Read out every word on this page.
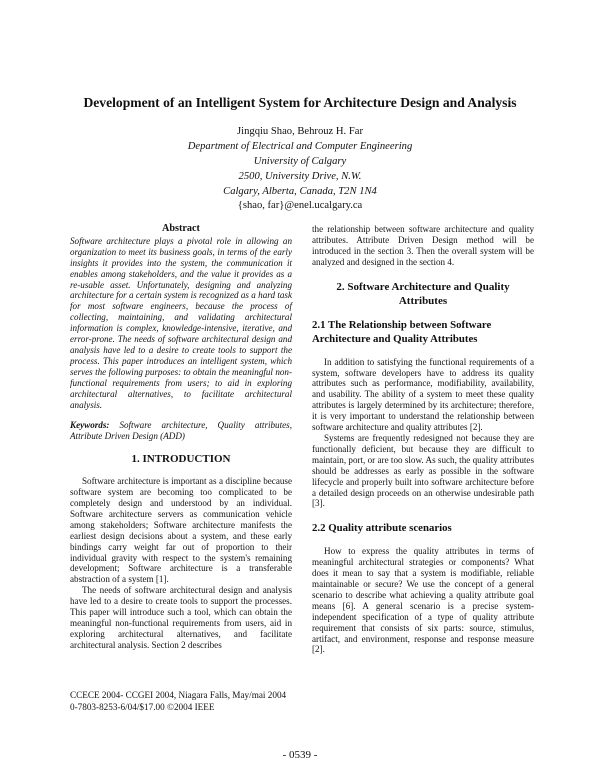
Development of an Intelligent System for Architecture Design and Analysis
Jingqiu Shao, Behrouz H. Far
Department of Electrical and Computer Engineering
University of Calgary
2500, University Drive, N.W.
Calgary, Alberta, Canada, T2N 1N4
{shao, far}@enel.ucalgary.ca
Abstract

Software architecture plays a pivotal role in allowing an organization to meet its business goals, in terms of the early insights it provides into the system, the communication it enables among stakeholders, and the value it provides as a re-usable asset. Unfortunately, designing and analyzing architecture for a certain system is recognized as a hard task for most software engineers, because the process of collecting, maintaining, and validating architectural information is complex, knowledge-intensive, iterative, and error-prone. The needs of software architectural design and analysis have led to a desire to create tools to support the process. This paper introduces an intelligent system, which serves the following purposes: to obtain the meaningful non-functional requirements from users; to aid in exploring architectural alternatives, to facilitate architectural analysis.

Keywords: Software architecture, Quality attributes, Attribute Driven Design (ADD)

1. INTRODUCTION

Software architecture is important as a discipline because software system are becoming too complicated to be completely design and understood by an individual. Software architecture servers as communication vehicle among stakeholders; Software architecture manifests the earliest design decisions about a system, and these early bindings carry weight far out of proportion to their individual gravity with respect to the system's remaining development; Software architecture is a transferable abstraction of a system [1].

The needs of software architectural design and analysis have led to a desire to create tools to support the processes. This paper will introduce such a tool, which can obtain the meaningful non-functional requirements from users, aid in exploring architectural alternatives, and facilitate architectural analysis. Section 2 describes

the relationship between software architecture and quality attributes. Attribute Driven Design method will be introduced in the section 3. Then the overall system will be analyzed and designed in the section 4.

2. Software Architecture and Quality Attributes
2.1 The Relationship between Software Architecture and Quality Attributes

In addition to satisfying the functional requirements of a system, software developers have to address its quality attributes such as performance, modifiability, availability, and usability. The ability of a system to meet these quality attributes is largely determined by its architecture; therefore, it is very important to understand the relationship between software architecture and quality attributes [2].

Systems are frequently redesigned not because they are functionally deficient, but because they are difficult to maintain, port, or are too slow. As such, the quality attributes should be addresses as early as possible in the software lifecycle and properly built into software architecture before a detailed design proceeds on an otherwise undesirable path [3].

2.2 Quality attribute scenarios

How to express the quality attributes in terms of meaningful architectural strategies or components? What does it mean to say that a system is modifiable, reliable maintainable or secure? We use the concept of a general scenario to describe what achieving a quality attribute goal means [6]. A general scenario is a precise system-independent specification of a type of quality attribute requirement that consists of six parts: source, stimulus, artifact, and environment, response and response measure [2].

CCECE 2004- CCGEI 2004, Niagara Falls, May/mai 2004
0-7803-8253-6/04/$17.00 ©2004 IEEE
- 0539 -
